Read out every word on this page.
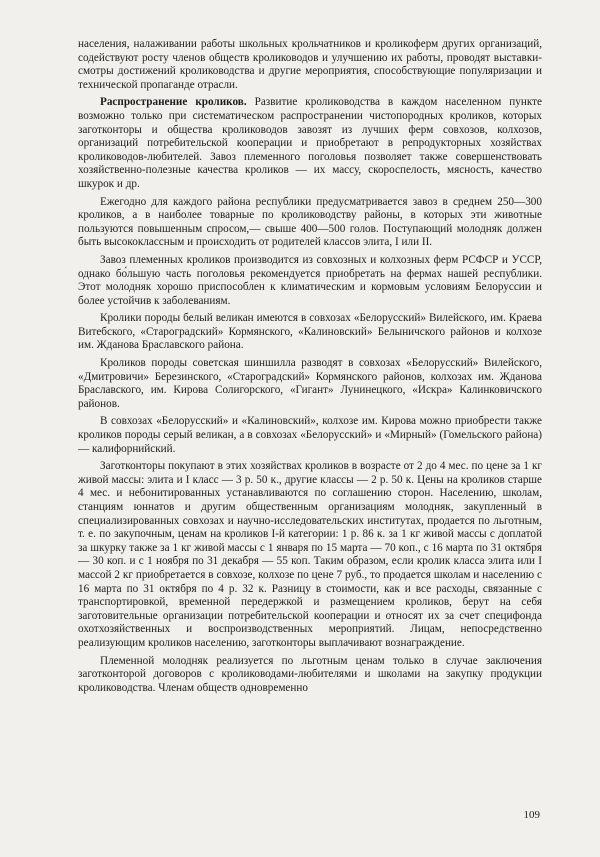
населения, налаживании работы школьных крольчатников и кроликоферм других организаций, содействуют росту членов обществ кролиководов и улучшению их работы, проводят выставки-смотры достижений кролиководства и другие мероприятия, способствующие популяризации и технической пропаганде отрасли.

Распространение кроликов. Развитие кролиководства в каждом населенном пункте возможно только при систематическом распространении чистопородных кроликов, которых заготконторы и общества кролиководов завозят из лучших ферм совхозов, колхозов, организаций потребительской кооперации и приобретают в репродукторных хозяйствах кролиководов-любителей. Завоз племенного поголовья позволяет также совершенствовать хозяйственно-полезные качества кроликов — их массу, скороспелость, мясность, качество шкурок и др.

Ежегодно для каждого района республики предусматривается завоз в среднем 250—300 кроликов, а в наиболее товарные по кролиководству районы, в которых эти животные пользуются повышенным спросом,— свыше 400—500 голов. Поступающий молодняк должен быть высококлассным и происходить от родителей классов элита, I или II.

Завоз племенных кроликов производится из совхозных и колхозных ферм РСФСР и УССР, однако бо́льшую часть поголовья рекомендуется приобретать на фермах нашей республики. Этот молодняк хорошо приспособлен к климатическим и кормовым условиям Белоруссии и более устойчив к заболеваниям.

Кролики породы белый великан имеются в совхозах «Белорусский» Вилейского, им. Краева Витебского, «Староградский» Кормянского, «Калиновский» Белыничского районов и колхозе им. Жданова Браславского района.

Кроликов породы советская шиншилла разводят в совхозах «Белорусский» Вилейского, «Дмитровичи» Березинского, «Староградский» Кормянского районов, колхозах им. Жданова Браславского, им. Кирова Солигорского, «Гигант» Лунинецкого, «Искра» Калинковичского районов.

В совхозах «Белорусский» и «Калиновский», колхозе им. Кирова можно приобрести также кроликов породы серый великан, а в совхозах «Белорусский» и «Мирный» (Гомельского района) — калифорнийский.

Заготконторы покупают в этих хозяйствах кроликов в возрасте от 2 до 4 мес. по цене за 1 кг живой массы: элита и I класс — 3 р. 50 к., другие классы — 2 р. 50 к. Цены на кроликов старше 4 мес. и небонитированных устанавливаются по соглашению сторон. Населению, школам, станциям юннатов и другим общественным организациям молодняк, закупленный в специализированных совхозах и научно-исследовательских институтах, продается по льготным, т. е. по закупочным, ценам на кроликов I-й категории: 1 р. 86 к. за 1 кг живой массы с доплатой за шкурку также за 1 кг живой массы с 1 января по 15 марта — 70 коп., с 16 марта по 31 октября — 30 коп. и с 1 ноября по 31 декабря — 55 коп. Таким образом, если кролик класса элита или I массой 2 кг приобретается в совхозе, колхозе по цене 7 руб., то продается школам и населению с 16 марта по 31 октября по 4 р. 32 к. Разницу в стоимости, как и все расходы, связанные с транспортировкой, временной передержкой и размещением кроликов, берут на себя заготовительные организации потребительской кооперации и относят их за счет специфонда охотхозяйственных и воспроизводственных мероприятий. Лицам, непосредственно реализующим кроликов населению, заготконторы выплачивают вознаграждение.

Племенной молодняк реализуется по льготным ценам только в случае заключения заготконторой договоров с кролиководами-любителями и школами на закупку продукции кролиководства. Членам обществ одновременно

109
